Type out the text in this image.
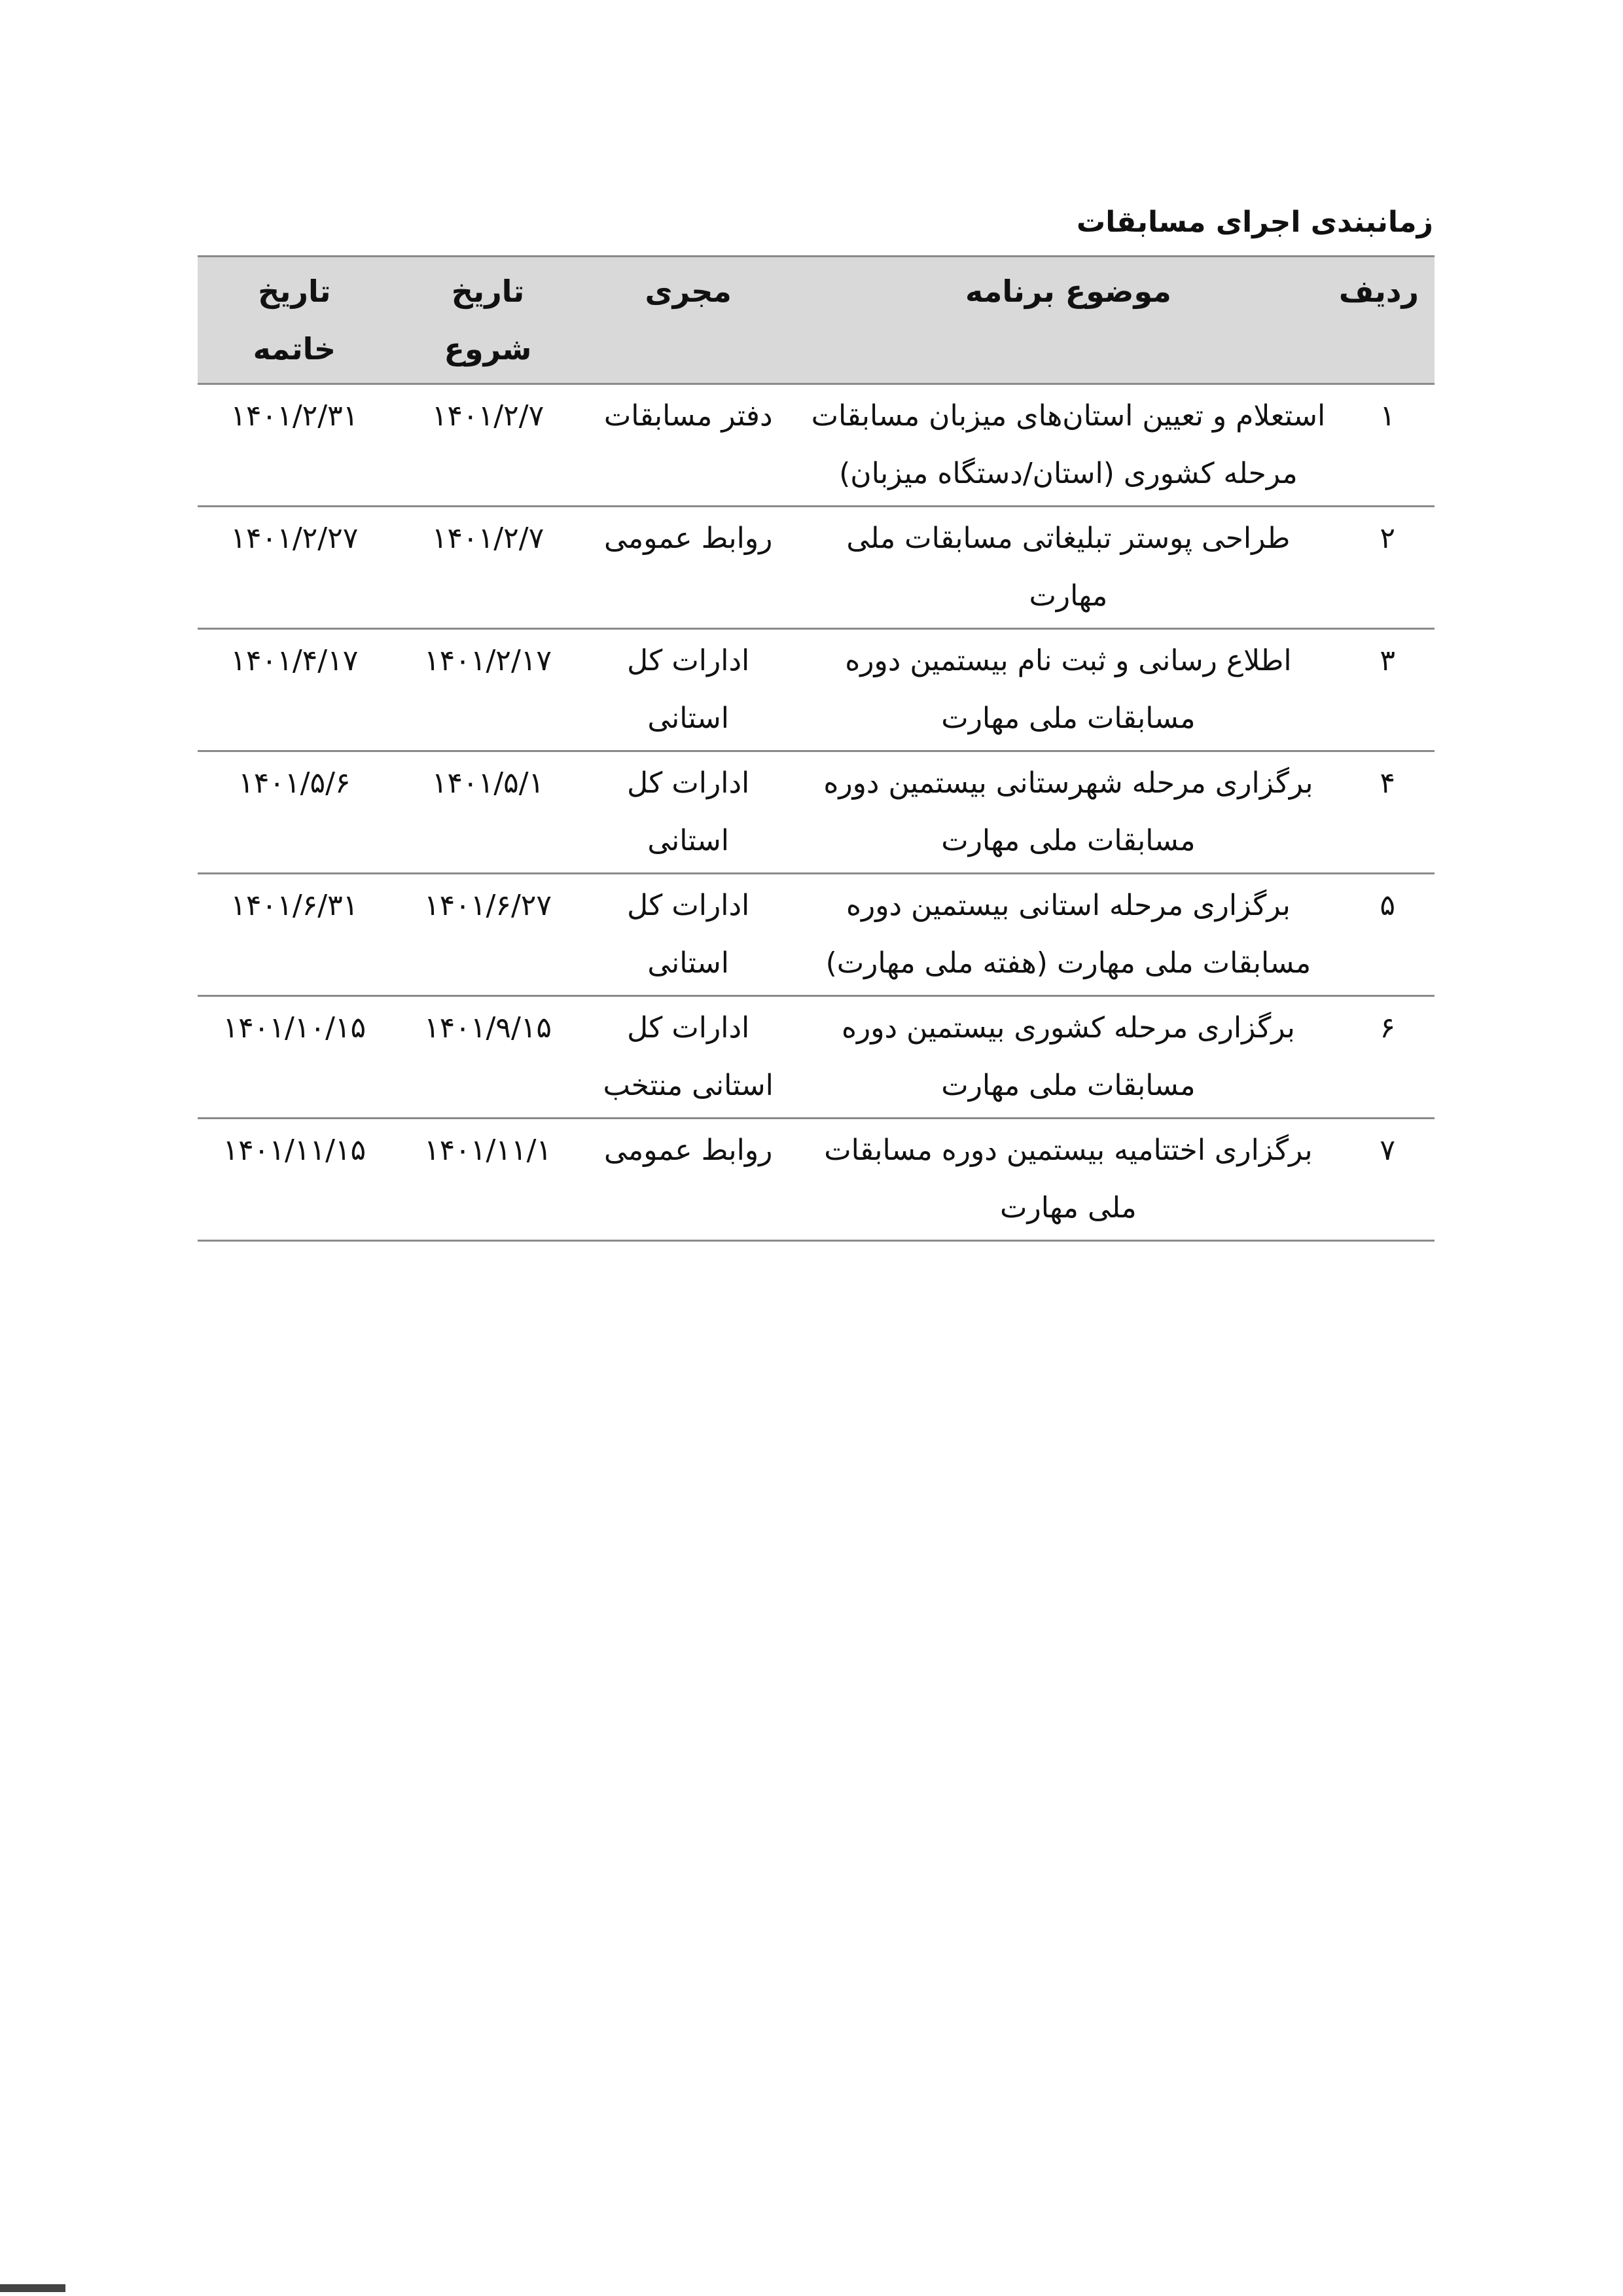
زمانبندی اجرای مسابقات
ردیف	موضوع برنامه	مجری	تاریخ شروع	تاریخ خاتمه
۱	استعلام و تعیین استان‌های میزبان مسابقات مرحله کشوری (استان/دستگاه میزبان)	دفتر مسابقات	۱۴۰۱/۲/۷	۱۴۰۱/۲/۳۱
۲	طراحی پوستر تبلیغاتی مسابقات ملی مهارت	روابط عمومی	۱۴۰۱/۲/۷	۱۴۰۱/۲/۲۷
۳	اطلاع رسانی و ثبت نام بیستمین دوره مسابقات ملی مهارت	ادارات کل استانی	۱۴۰۱/۲/۱۷	۱۴۰۱/۴/۱۷
۴	برگزاری مرحله شهرستانی بیستمین دوره مسابقات ملی مهارت	ادارات کل استانی	۱۴۰۱/۵/۱	۱۴۰۱/۵/۶
۵	برگزاری مرحله استانی بیستمین دوره مسابقات ملی مهارت (هفته ملی مهارت)	ادارات کل استانی	۱۴۰۱/۶/۲۷	۱۴۰۱/۶/۳۱
۶	برگزاری مرحله کشوری بیستمین دوره مسابقات ملی مهارت	ادارات کل استانی منتخب	۱۴۰۱/۹/۱۵	۱۴۰۱/۱۰/۱۵
۷	برگزاری اختتامیه بیستمین دوره مسابقات ملی مهارت	روابط عمومی	۱۴۰۱/۱۱/۱	۱۴۰۱/۱۱/۱۵
